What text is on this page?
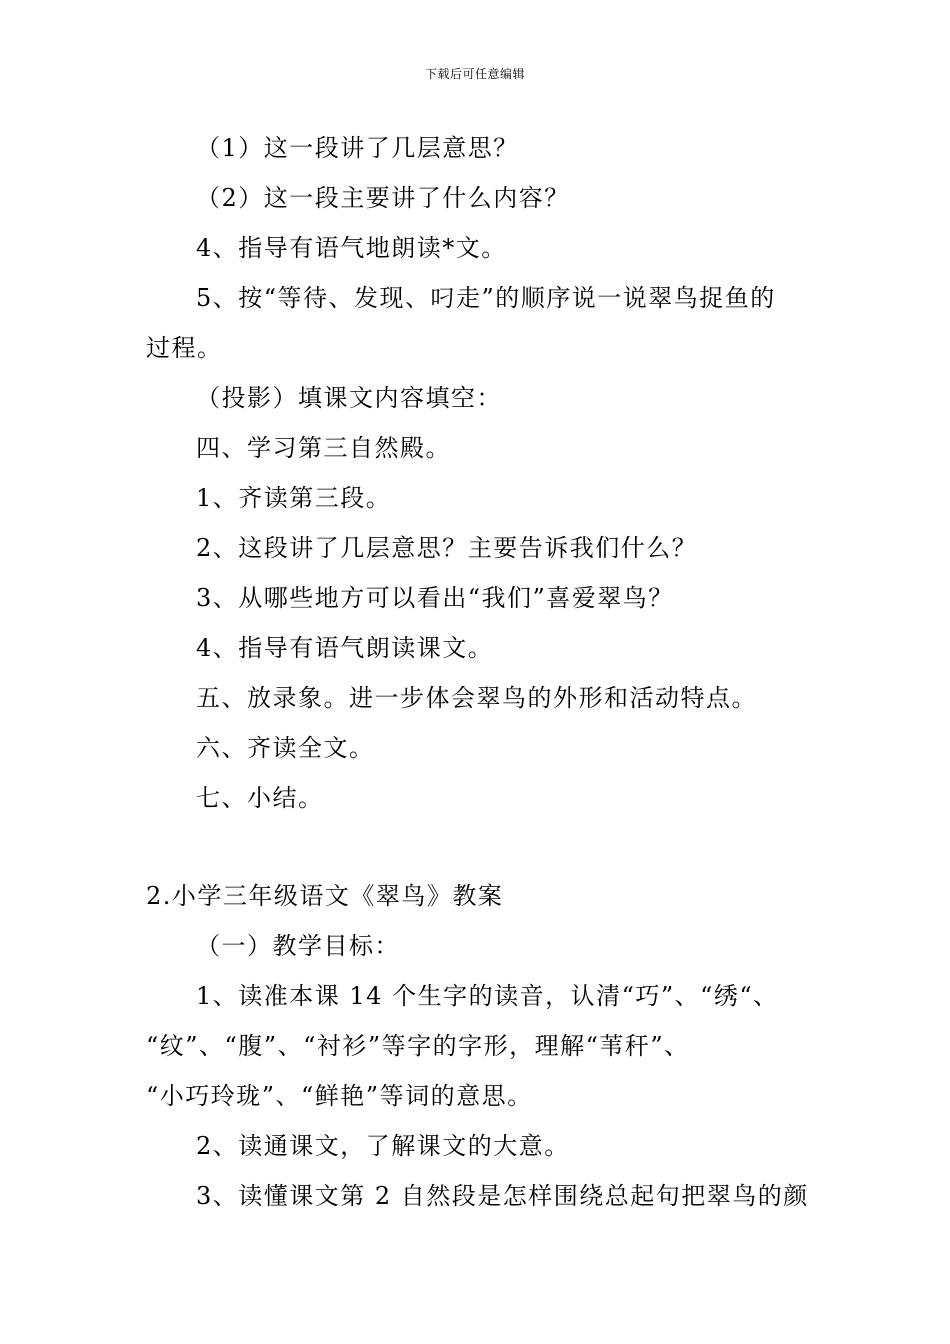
下载后可任意编辑
（1）这一段讲了几层意思？
（2）这一段主要讲了什么内容？
4、指导有语气地朗读*文。
5、按“等待、发现、叼走”的顺序说一说翠鸟捉鱼的
过程。
（投影）填课文内容填空：
四、学习第三自然殿。
1、齐读第三段。
2、这段讲了几层意思？主要告诉我们什么？
3、从哪些地方可以看出“我们”喜爱翠鸟？
4、指导有语气朗读课文。
五、放录象。进一步体会翠鸟的外形和活动特点。
六、齐读全文。
七、小结。
2.小学三年级语文《翠鸟》教案
（一）教学目标：
1、读准本课 14 个生字的读音，认清“巧”、“绣“、
“纹”、“腹”、“衬衫”等字的字形，理解“苇秆”、
“小巧玲珑”、“鲜艳”等词的意思。
2、读通课文，了解课文的大意。
3、读懂课文第 2 自然段是怎样围绕总起句把翠鸟的颜
